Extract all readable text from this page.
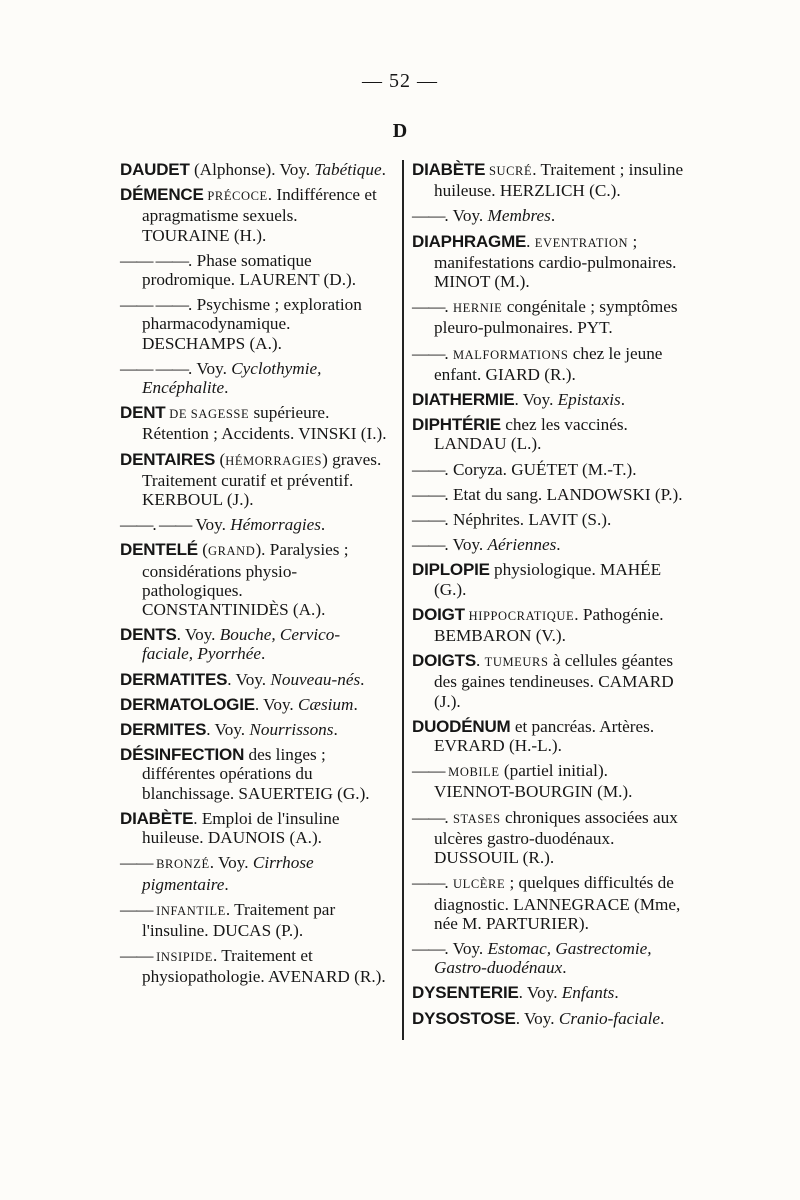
— 52 —
D

DAUDET (Alphonse). Voy. Tabétique.

DÉMENCE PRÉCOCE. Indifférence et apragmatisme sexuels. TOURAINE (H.).

—— ——. Phase somatique prodromique. LAURENT (D.).

—— ——. Psychisme ; exploration pharmacodynamique. DESCHAMPS (A.).

—— ——. Voy. Cyclothymie, Encéphalite.

DENT DE SAGESSE supérieure. Rétention ; Accidents. VINSKI (I.).

DENTAIRES (HÉMORRAGIES) graves. Traitement curatif et préventif. KERBOUL (J.).

——. —— Voy. Hémorragies.

DENTELÉ (GRAND). Paralysies ; considérations physio-pathologiques. CONSTANTINIDÈS (A.).

DENTS. Voy. Bouche, Cervico-faciale, Pyorrhée.

DERMATITES. Voy. Nouveau-nés.

DERMATOLOGIE. Voy. Cæsium.

DERMITES. Voy. Nourrissons.

DÉSINFECTION des linges ; différentes opérations du blanchissage. SAUERTEIG (G.).

DIABÈTE. Emploi de l'insuline huileuse. DAUNOIS (A.).

—— BRONZÉ. Voy. Cirrhose pigmentaire.

—— INFANTILE. Traitement par l'insuline. DUCAS (P.).

—— INSIPIDE. Traitement et physiopathologie. AVENARD (R.).

DIABÈTE SUCRÉ. Traitement ; insuline huileuse. HERZLICH (C.).

——. Voy. Membres.

DIAPHRAGME. EVENTRATION ; manifestations cardio-pulmonaires. MINOT (M.).

——. HERNIE congénitale ; symptômes pleuro-pulmonaires. PYT.

——. MALFORMATIONS chez le jeune enfant. GIARD (R.).

DIATHERMIE. Voy. Epistaxis.

DIPHTÉRIE chez les vaccinés. LANDAU (L.).

——. Coryza. GUÉTET (M.-T.).

——. Etat du sang. LANDOWSKI (P.).

——. Néphrites. LAVIT (S.).

——. Voy. Aériennes.

DIPLOPIE physiologique. MAHÉE (G.).

DOIGT HIPPOCRATIQUE. Pathogénie. BEMBARON (V.).

DOIGTS. TUMEURS à cellules géantes des gaines tendineuses. CAMARD (J.).

DUODÉNUM et pancréas. Artères. EVRARD (H.-L.).

—— MOBILE (partiel initial). VIENNOT-BOURGIN (M.).

——. STASES chroniques associées aux ulcères gastro-duodénaux. DUSSOUIL (R.).

——. ULCÈRE ; quelques difficultés de diagnostic. LANNEGRACE (Mme, née M. PARTURIER).

——. Voy. Estomac, Gastrectomie, Gastro-duodénaux.

DYSENTERIE. Voy. Enfants.

DYSOSTOSE. Voy. Cranio-faciale.
